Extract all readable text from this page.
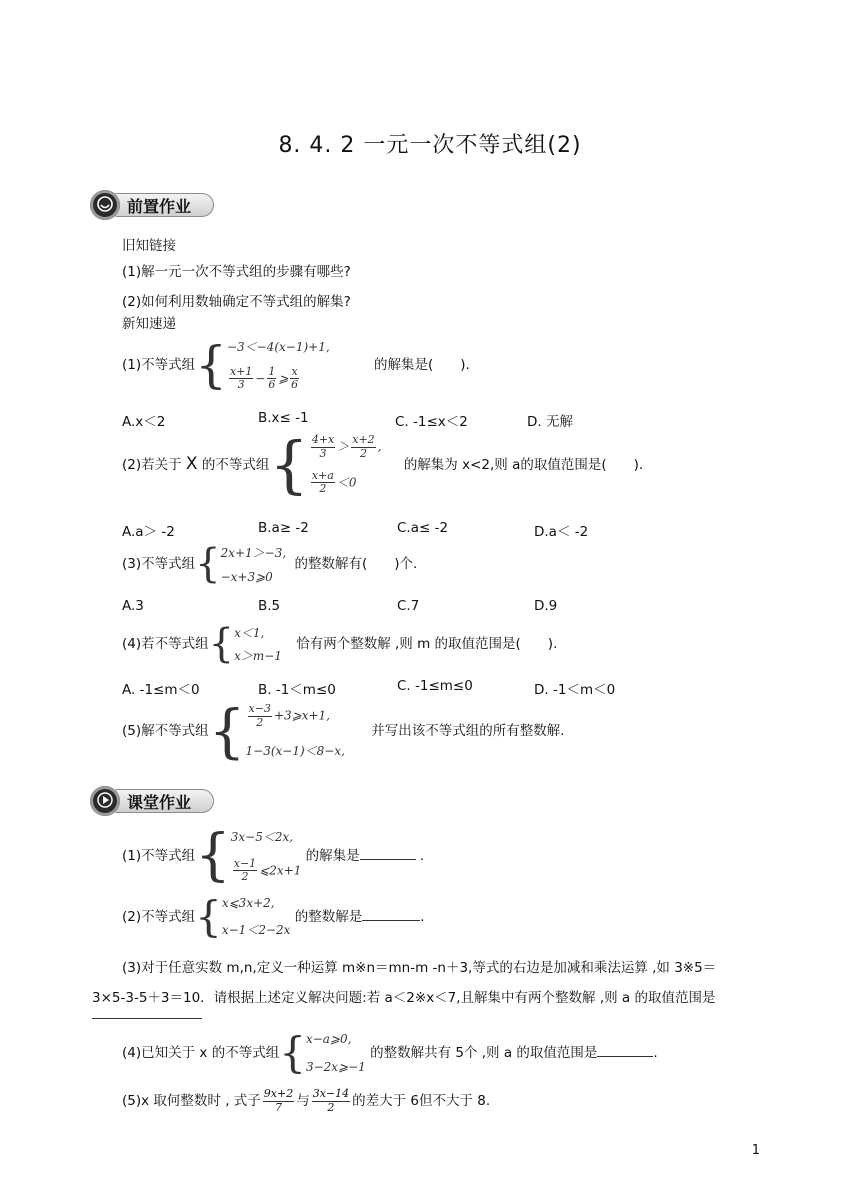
8. 4. 2 一元一次不等式组(2)
前置作业
旧知链接
(1)解一元一次不等式组的步骤有哪些?
(2)如何利用数轴确定不等式组的解集?
新知速递
(1)不等式组 { −3＜−4(x−1)+1,
$\frac{x+1}{3} - \frac{1}{6}$ ⩾ $\frac{x}{6}$
的解集是(　　).
A.x＜2	B.x≤ -1	C. -1≤x＜2	D. 无解
(2)若关于 X 的不等式组 { $\frac{4+x}{3} > \frac{x+2}{2}$ ,
$\frac{x+a}{2} <0$
的解集为 x<2,则 a的取值范围是(　　).
A.a＞ -2	B.a≥ -2	C.a≤ -2	D.a＜ -2
(3)不等式组 { 2x+1＞−3,
−x+3⩾0
的整数解有(　　)个.
A.3	B.5	C.7	D.9
(4)若不等式组 { x＜1,
x＞m−1
恰有两个整数解 ,则 m 的取值范围是(　　).
A. -1≤m＜0	B. -1＜m≤0	C. -1≤m≤0	D. -1＜m＜0
(5)解不等式组 { $\frac{x-3}{2}$ +3⩾x+1,
1−3(x−1)＜8−x,
并写出该不等式组的所有整数解.
课堂作业
(1)不等式组 { 3x−5＜2x,
$\frac{x-1}{2}$ ⩽2x+1
的解集是	.
(2)不等式组 { x⩽3x+2,
x−1＜2−2x
的整数解是	.
(3)对于任意实数 m,n,定义一种运算 m※n＝mn-m -n＋3,等式的右边是加减和乘法运算 ,如 3※5＝
3×5-3-5＋3＝10．请根据上述定义解决问题:若 a＜2※x＜7,且解集中有两个整数解 ,则 a 的取值范围是
(4)已知关于 x 的不等式组 { x−a⩾0,
3−2x⩾−1
的整数解共有 5个 ,则 a 的取值范围是	.
(5)x 取何整数时 , 式子 $\frac{9x+2}{7}$ 与 $\frac{3x-14}{2}$ 的差大于 6但不大于 8.
1
